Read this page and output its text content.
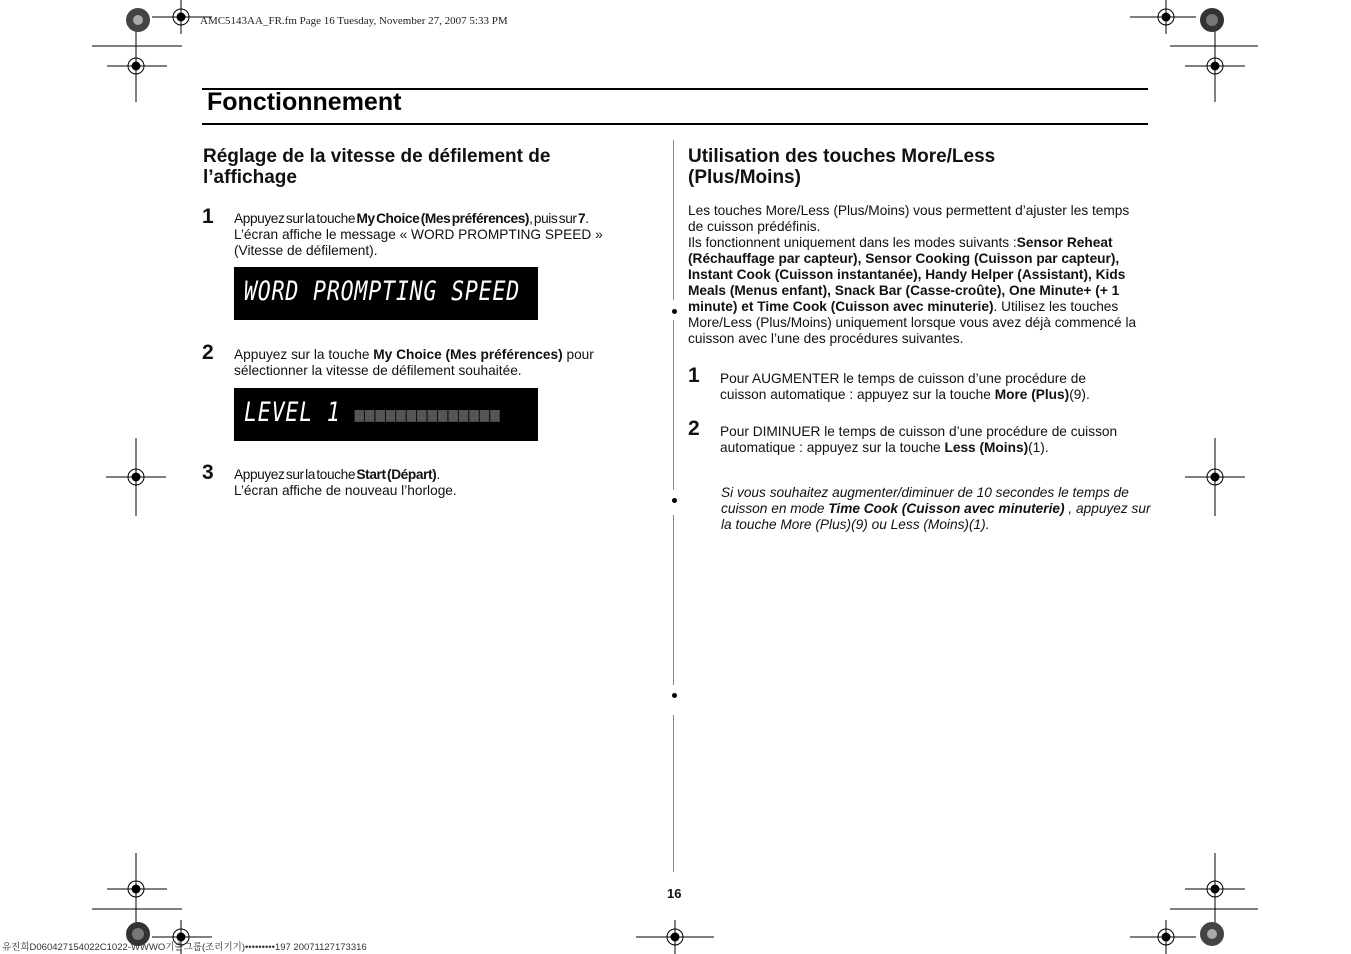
AMC5143AA_FR.fm Page 16 Tuesday, November 27, 2007 5:33 PM
Fonctionnement
Réglage de la vitesse de défilement de l’affichage
1 Appuyez sur la touche My Choice (Mes préférences), puis sur 7.
L’écran affiche le message « WORD PROMPTING SPEED »
(Vitesse de défilement).
WORD PROMPTING SPEED
2 Appuyez sur la touche My Choice (Mes préférences) pour
sélectionner la vitesse de défilement souhaitée.
LEVEL 1 ■■■■■■■■■■■■■■
3 Appuyez sur la touche Start (Départ).
L’écran affiche de nouveau l’horloge.
Utilisation des touches More/Less (Plus/Moins)
Les touches More/Less (Plus/Moins) vous permettent d’ajuster les temps de cuisson prédéfinis.
Ils fonctionnent uniquement dans les modes suivants :Sensor Reheat (Réchauffage par capteur), Sensor Cooking (Cuisson par capteur), Instant Cook (Cuisson instantanée), Handy Helper (Assistant), Kids Meals (Menus enfant), Snack Bar (Casse-croûte), One Minute+ (+ 1 minute) et Time Cook (Cuisson avec minuterie). Utilisez les touches More/Less (Plus/Moins) uniquement lorsque vous avez déjà commencé la cuisson avec l’une des procédures suivantes.
1 Pour AUGMENTER le temps de cuisson d’une procédure de cuisson automatique : appuyez sur la touche More (Plus)(9).
2 Pour DIMINUER le temps de cuisson d’une procédure de cuisson automatique : appuyez sur la touche Less (Moins)(1).
Si vous souhaitez augmenter/diminuer de 10 secondes le temps de cuisson en mode Time Cook (Cuisson avec minuterie) , appuyez sur la touche More (Plus)(9) ou Less (Moins)(1).
16
유진희D060427154022C1022-WWWO기술그룹(조리기기)•••••••••197 20071127173316
